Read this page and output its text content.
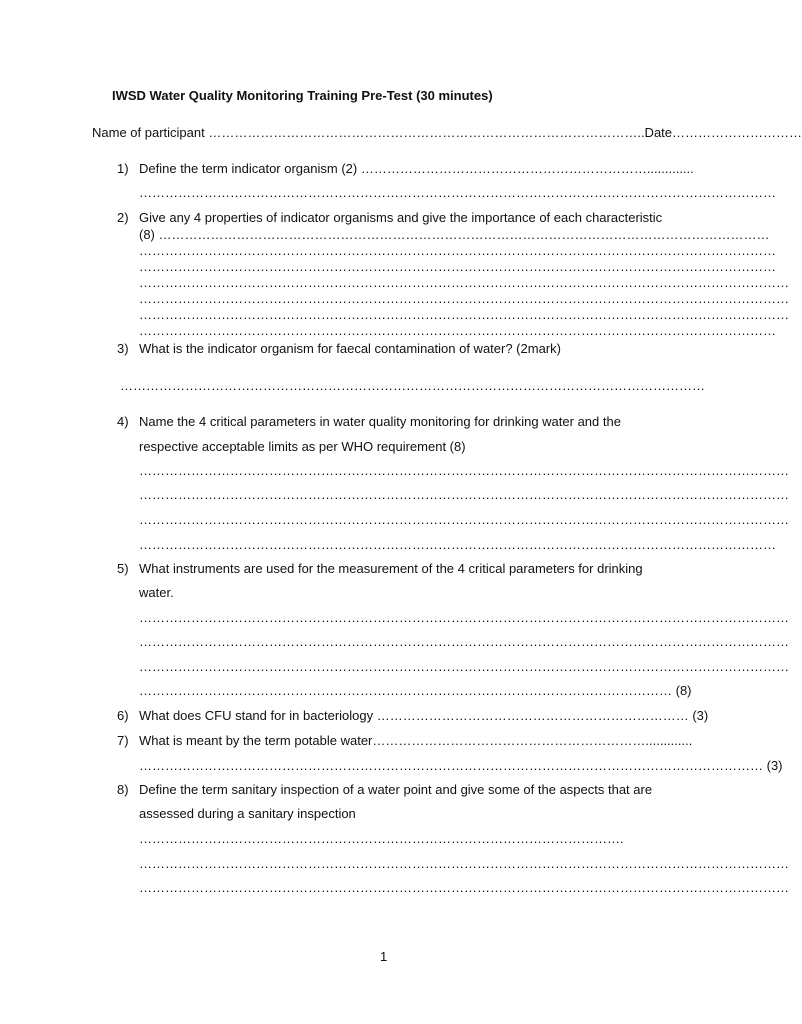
IWSD Water Quality Monitoring Training Pre-Test (30 minutes)
Name of participant ………………………………………………………………………………………..Date…………………………
1) Define the term indicator organism (2) ………………………………………………………….............
…………………………………………………………………………………………………………………………………
2) Give any 4 properties of indicator organisms and give the importance of each characteristic
(8) ……………………………………………………………………………………………………………………………
…………………………………………………………………………………………………………………………………
…………………………………………………………………………………………………………………………………
……………………………………………………………………………………………………………………………………
……………………………………………………………………………………………………………………………………
……………………………………………………………………………………………………………………………………
…………………………………………………………………………………………………………………………………
3) What is the indicator organism for faecal contamination of water? (2mark)
………………………………………………………………………………………………………………………
4) Name the 4 critical parameters in water quality monitoring for drinking water and the
respective acceptable limits as per WHO requirement (8)
……………………………………………………………………………………………………………………………………
……………………………………………………………………………………………………………………………………
……………………………………………………………………………………………………………………………………
…………………………………………………………………………………………………………………………………
5) What instruments are used for the measurement of the 4 critical parameters for drinking
water.
……………………………………………………………………………………………………………………………………
……………………………………………………………………………………………………………………………………
……………………………………………………………………………………………………………………………………
…………………………………………………………………………………………………………… (8)
6) What does CFU stand for in bacteriology ……………………………………………………………… (3)
7) What is meant by the term potable water……………………………………………………….............
……………………………………………………………………………………………………………………………… (3)
8) Define the term sanitary inspection of a water point and give some of the aspects that are
assessed during a sanitary inspection
………………………………………………………………………………………………….
……………………………………………………………………………………………………………………………………
……………………………………………………………………………………………………………………………………
1
